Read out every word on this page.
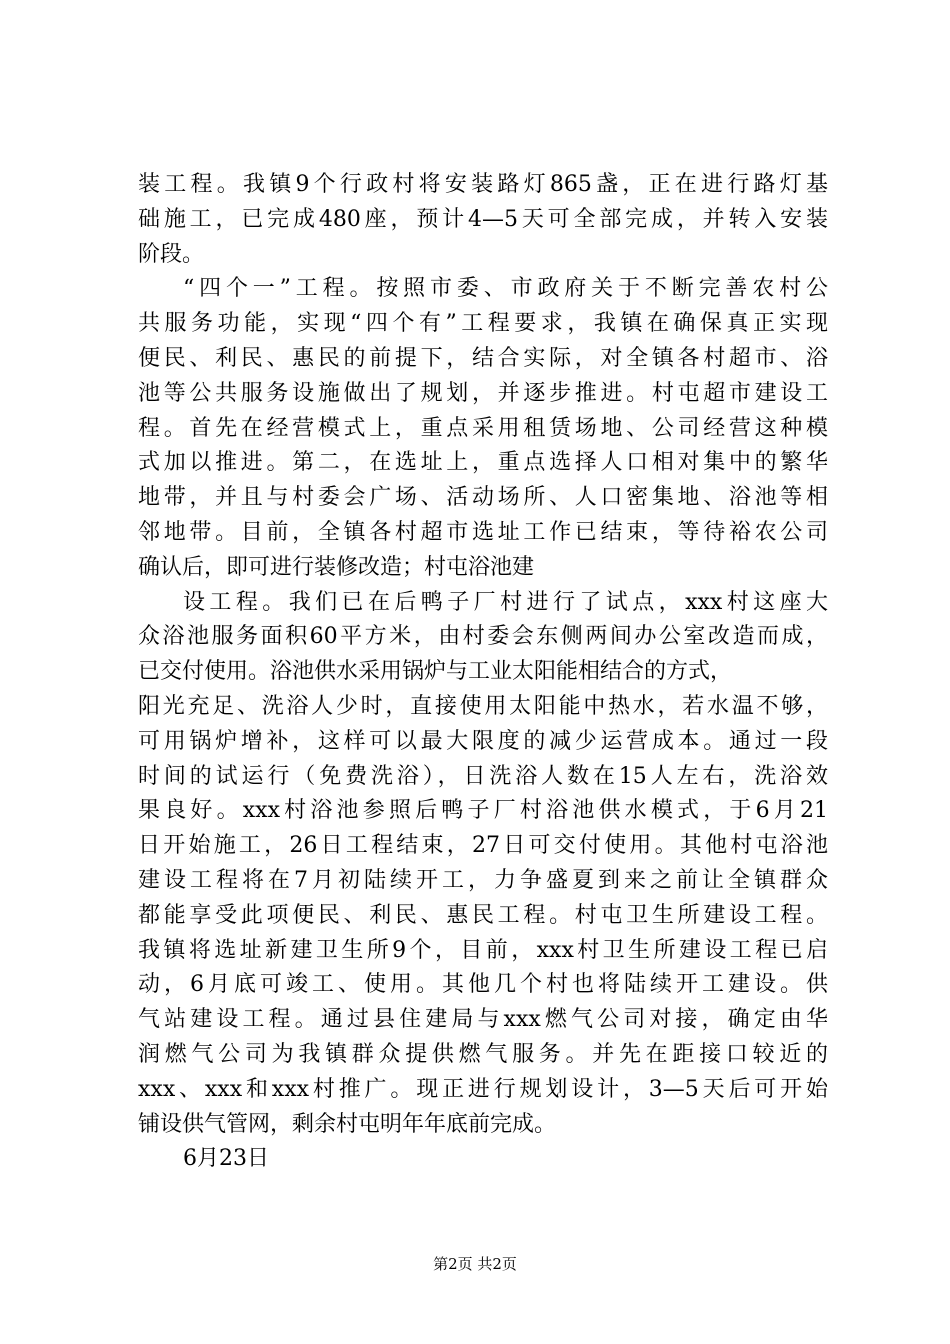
装工程。我镇9个行政村将安装路灯865盏，正在进行路灯基
础施工，已完成480座，预计4—5天可全部完成，并转入安装
阶段。
“四个一”工程。按照市委、市政府关于不断完善农村公
共服务功能，实现“四个有”工程要求，我镇在确保真正实现
便民、利民、惠民的前提下，结合实际，对全镇各村超市、浴
池等公共服务设施做出了规划，并逐步推进。村屯超市建设工
程。首先在经营模式上，重点采用租赁场地、公司经营这种模
式加以推进。第二，在选址上，重点选择人口相对集中的繁华
地带，并且与村委会广场、活动场所、人口密集地、浴池等相
邻地带。目前，全镇各村超市选址工作已结束，等待裕农公司
确认后，即可进行装修改造；村屯浴池建
设工程。我们已在后鸭子厂村进行了试点，xxx村这座大
众浴池服务面积60平方米，由村委会东侧两间办公室改造而成，
已交付使用。浴池供水采用锅炉与工业太阳能相结合的方式，
阳光充足、洗浴人少时，直接使用太阳能中热水，若水温不够，
可用锅炉增补，这样可以最大限度的减少运营成本。通过一段
时间的试运行（免费洗浴），日洗浴人数在15人左右，洗浴效
果良好。xxx村浴池参照后鸭子厂村浴池供水模式，于6月21
日开始施工，26日工程结束，27日可交付使用。其他村屯浴池
建设工程将在7月初陆续开工，力争盛夏到来之前让全镇群众
都能享受此项便民、利民、惠民工程。村屯卫生所建设工程。
我镇将选址新建卫生所9个，目前，xxx村卫生所建设工程已启
动，6月底可竣工、使用。其他几个村也将陆续开工建设。供
气站建设工程。通过县住建局与xxx燃气公司对接，确定由华
润燃气公司为我镇群众提供燃气服务。并先在距接口较近的
xxx、xxx和xxx村推广。现正进行规划设计，3—5天后可开始
铺设供气管网，剩余村屯明年年底前完成。
6月23日
第2页 共2页
